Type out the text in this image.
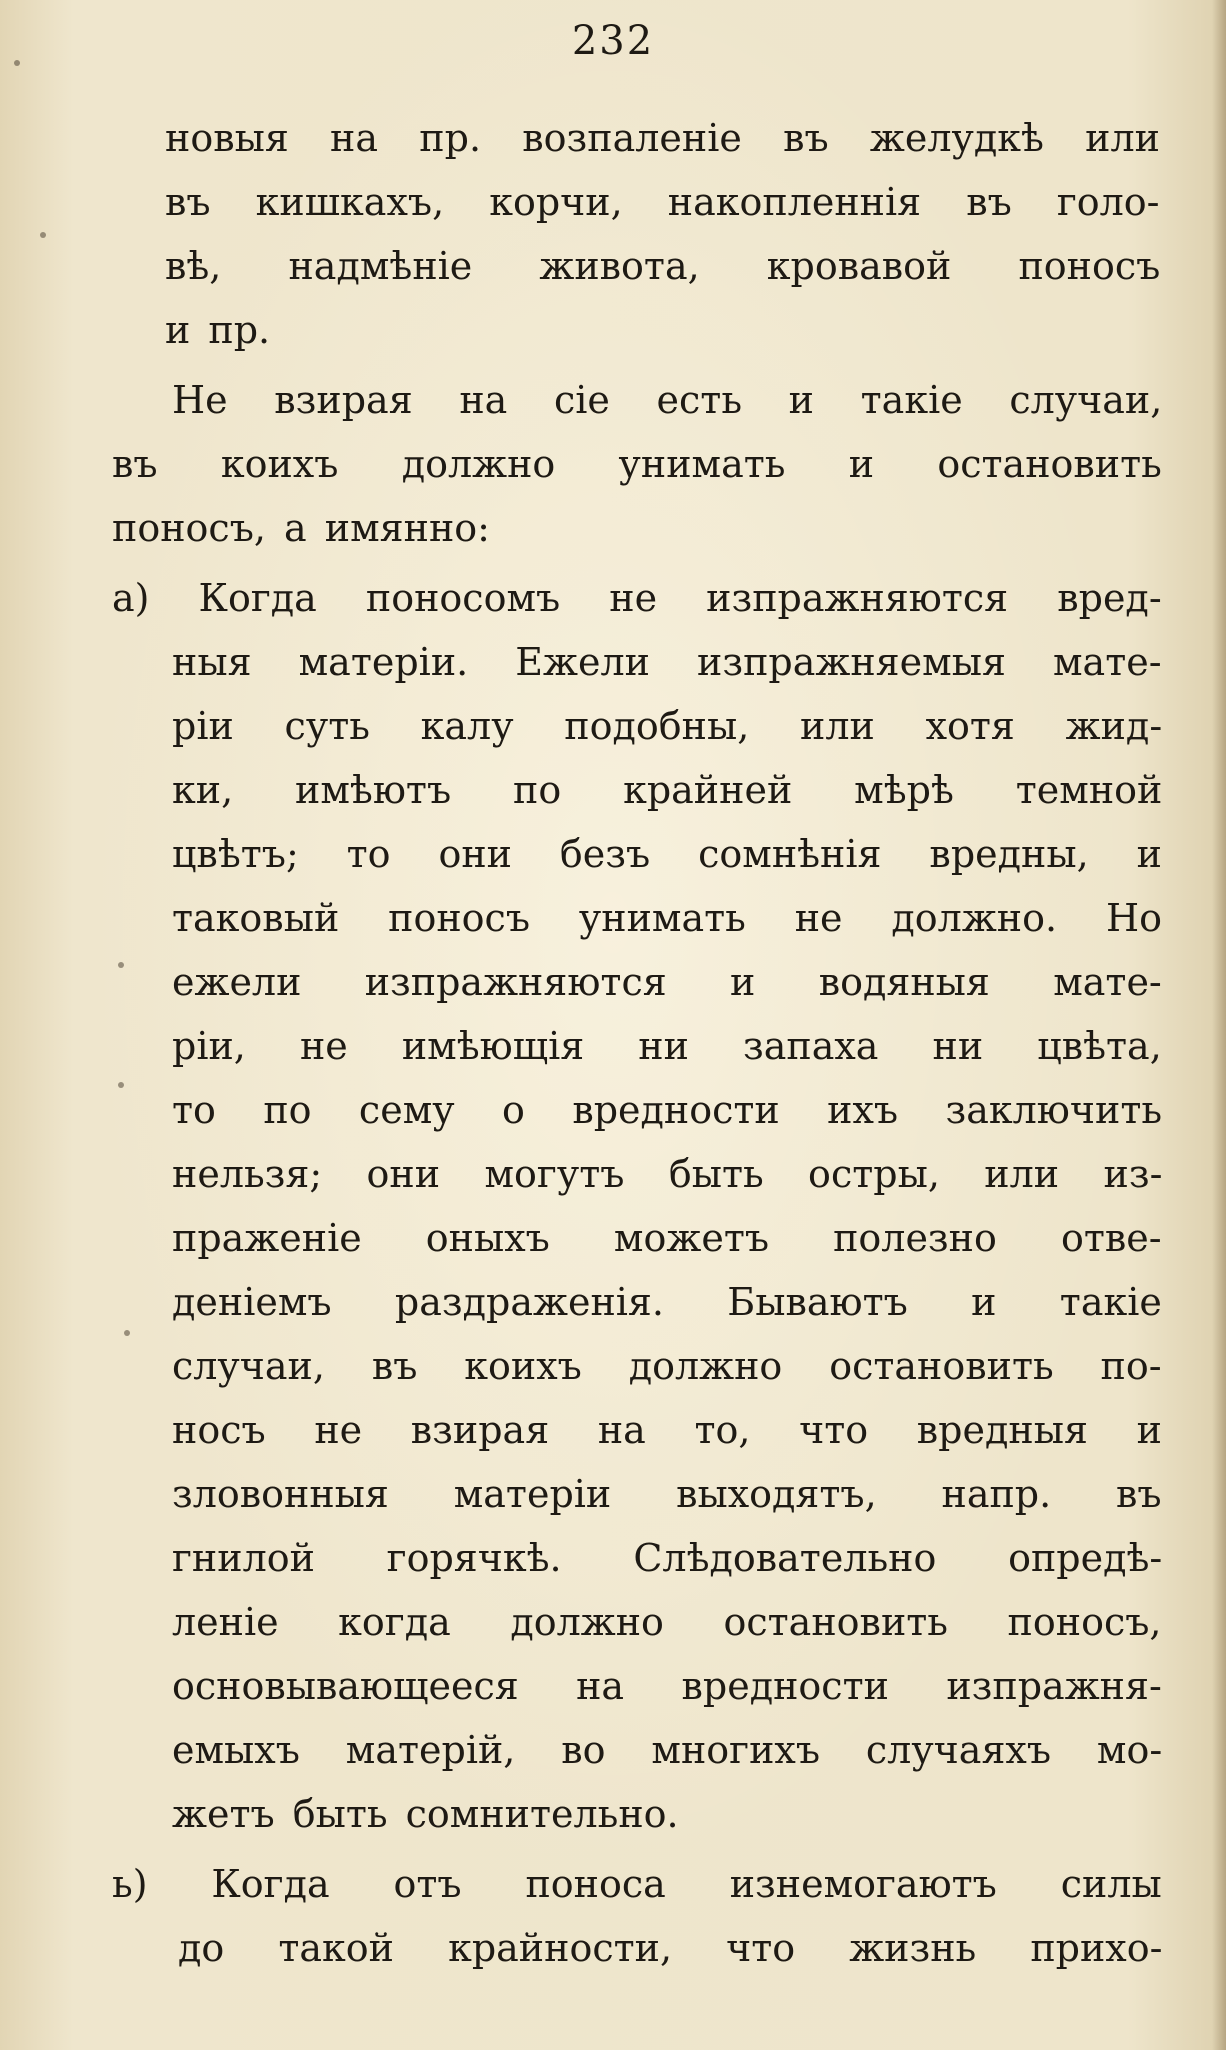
232
новыя на пр. возпаленіе въ желудкѣ или
въ кишкахъ, корчи, накопленнія въ голо-
вѣ, надмѣніе живота, кровавой поносъ
и пр.
Не взирая на сіе есть и такіе случаи,
въ коихъ должно унимать и остановить
поносъ, а имянно:
а) Когда поносомъ не изпражняются вред-
ныя матеріи. Ежели изпражняемыя мате-
ріи суть калу подобны, или хотя жид-
ки, имѣютъ по крайней мѣрѣ темной
цвѣтъ; то они безъ сомнѣнія вредны, и
таковый поносъ унимать не должно. Но
ежели изпражняются и водяныя мате-
ріи, не имѣющія ни запаха ни цвѣта,
то по сему о вредности ихъ заключить
нельзя; они могутъ быть остры, или из-
праженіе оныхъ можетъ полезно отве-
деніемъ раздраженія. Бываютъ и такіе
случаи, въ коихъ должно остановить по-
носъ не взирая на то, что вредныя и
зловонныя матеріи выходятъ, напр. въ
гнилой горячкѣ. Слѣдовательно опредѣ-
леніе когда должно остановить поносъ,
основывающееся на вредности изпражня-
емыхъ матерій, во многихъ случаяхъ мо-
жетъ быть сомнительно.
ь) Когда отъ поноса изнемогаютъ силы
до такой крайности, что жизнь прихо-
